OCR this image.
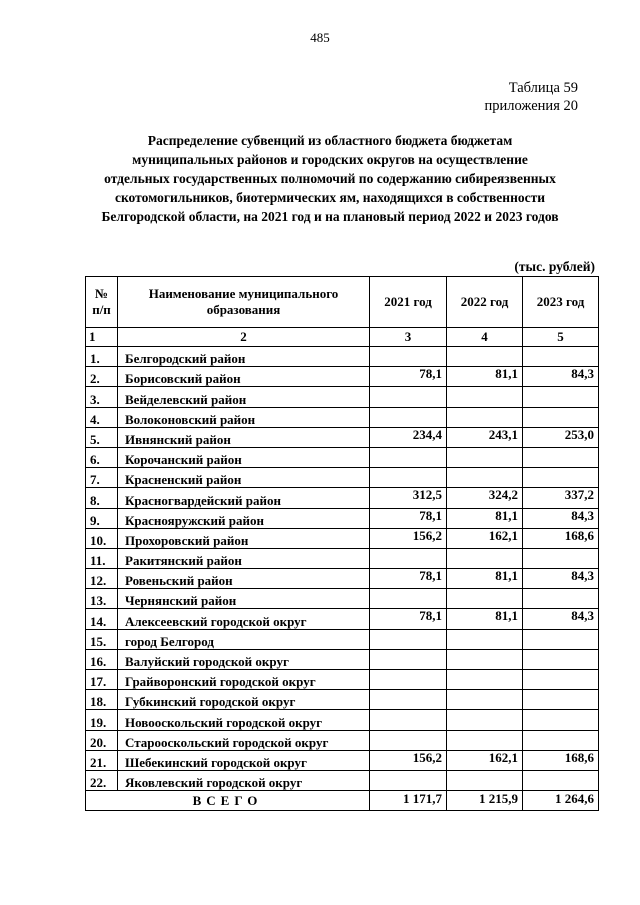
485
Таблица 59
приложения 20
Распределение субвенций из областного бюджета бюджетам
муниципальных районов и городских округов на осуществление
отдельных государственных полномочий по содержанию сибиреязвенных
скотомогильников, биотермических ям, находящихся в собственности
Белгородской области, на 2021 год и на плановый период 2022 и 2023 годов
(тыс. рублей)
№ п/п	Наименование муниципального образования	2021 год	2022 год	2023 год
1	2	3	4	5
1.	Белгородский район			
2.	Борисовский район	78,1	81,1	84,3
3.	Вейделевский район			
4.	Волоконовский район			
5.	Ивнянский район	234,4	243,1	253,0
6.	Корочанский район			
7.	Красненский район			
8.	Красногвардейский район	312,5	324,2	337,2
9.	Краснояружский район	78,1	81,1	84,3
10.	Прохоровский район	156,2	162,1	168,6
11.	Ракитянский район			
12.	Ровеньский район	78,1	81,1	84,3
13.	Чернянский район			
14.	Алексеевский городской округ	78,1	81,1	84,3
15.	город Белгород			
16.	Валуйский городской округ			
17.	Грайворонский городской округ			
18.	Губкинский городской округ			
19.	Новооскольский городской округ			
20.	Старооскольский городской округ			
21.	Шебекинский городской округ	156,2	162,1	168,6
22.	Яковлевский городской округ			
ВСЕГО		1 171,7	1 215,9	1 264,6
